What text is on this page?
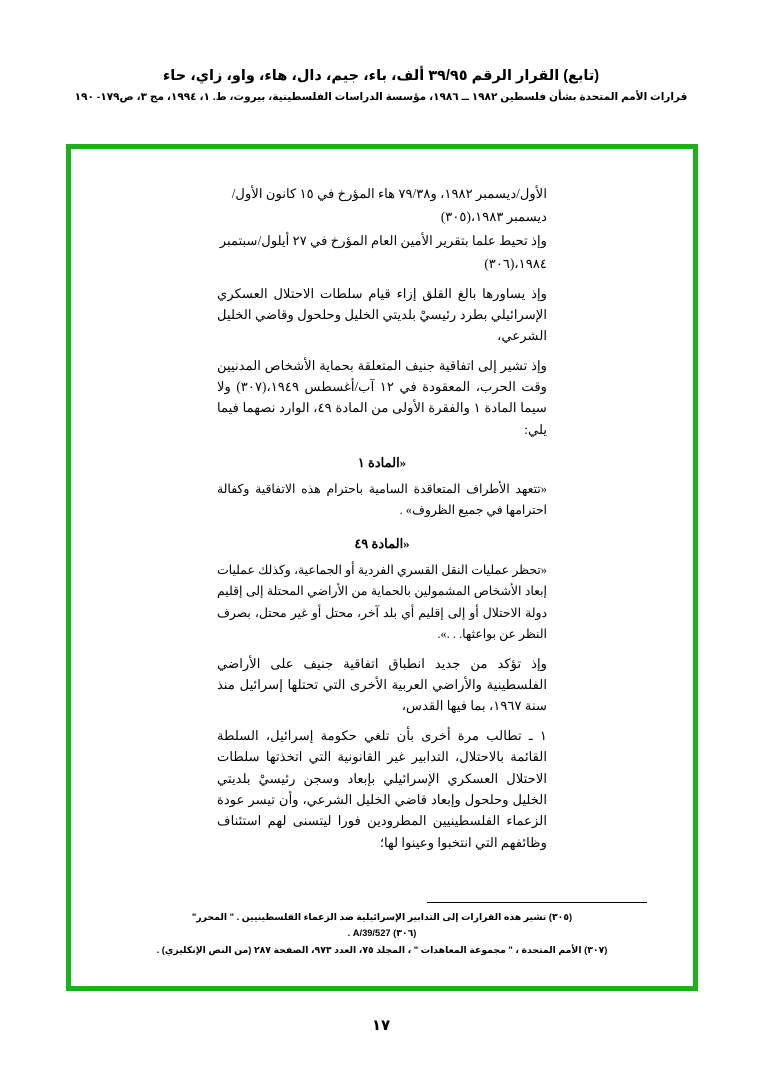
(تابع) القرار الرقم ٣٩/٩٥ ألف، باء، جيم، دال، هاء، واو، زاي، حاء
قرارات الأمم المتحدة بشأن فلسطين ١٩٨٢ ــ ١٩٨٦، مؤسسة الدراسات الفلسطينية، بيروت، ط. ١، ١٩٩٤، مج ٣، ص١٧٩- ١٩٠

الأول/ديسمبر ١٩٨٢، و٧٩/٣٨ هاء المؤرخ في ١٥ كانون الأول/

ديسمبر ١٩٨٣،(٣٠٥)

وإذ تحيط علما بتقرير الأمين العام المؤرخ في ٢٧ أيلول/سبتمبر

١٩٨٤،(٣٠٦)

وإذ يساورها بالغ القلق إزاء قيام سلطات الاحتلال العسكري الإسرائيلي بطرد رئيسيْ بلديتي الخليل وحلحول وقاضي الخليل الشرعي،

وإذ تشير إلى اتفاقية جنيف المتعلقة بحماية الأشخاص المدنيين وقت الحرب، المعقودة في ١٢ آب/أغسطس ١٩٤٩،(٣٠٧) ولا سيما المادة ١ والفقرة الأولى من المادة ٤٩، الوارد نصهما فيما يلي:

«المادة ١

«تتعهد الأطراف المتعاقدة السامية باحترام هذه الاتفاقية وكفالة احترامها في جميع الظروف» .

«المادة ٤٩

«تحظر عمليات النقل القسري الفردية أو الجماعية، وكذلك عمليات إبعاد الأشخاص المشمولين بالحماية من الأراضي المحتلة إلى إقليم دولة الاحتلال أو إلى إقليم أي بلد آخر، محتل أو غير محتل، بصرف النظر عن بواعثها. . .».

وإذ تؤكد من جديد انطباق اتفاقية جنيف على الأراضي الفلسطينية والأراضي العربية الأخرى التي تحتلها إسرائيل منذ سنة ١٩٦٧، بما فيها القدس،

١ ـ تطالب مرة أخرى بأن تلغي حكومة إسرائيل، السلطة القائمة بالاحتلال، التدابير غير القانونية التي اتخذتها سلطات الاحتلال العسكري الإسرائيلي بإبعاد وسجن رئيسيْ بلديتي الخليل وحلحول وإبعاد قاضي الخليل الشرعي، وأن تيسر عودة الزعماء الفلسطينيين المطرودين فورا ليتسنى لهم استئناف وظائفهم التي انتخبوا وعينوا لها؛

(٣٠٥) تشير هذه القرارات إلى التدابير الإسرائيلية ضد الزعماء الفلسطينيين . " المحرر"
(٣٠٦) A/39/527 .
(٣٠٧) الأمم المتحدة ، " مجموعة المعاهدات " ، المجلد ٧٥، العدد ٩٧٣، الصفحة ٢٨٧ (من النص الإنكليزي) .
١٧
